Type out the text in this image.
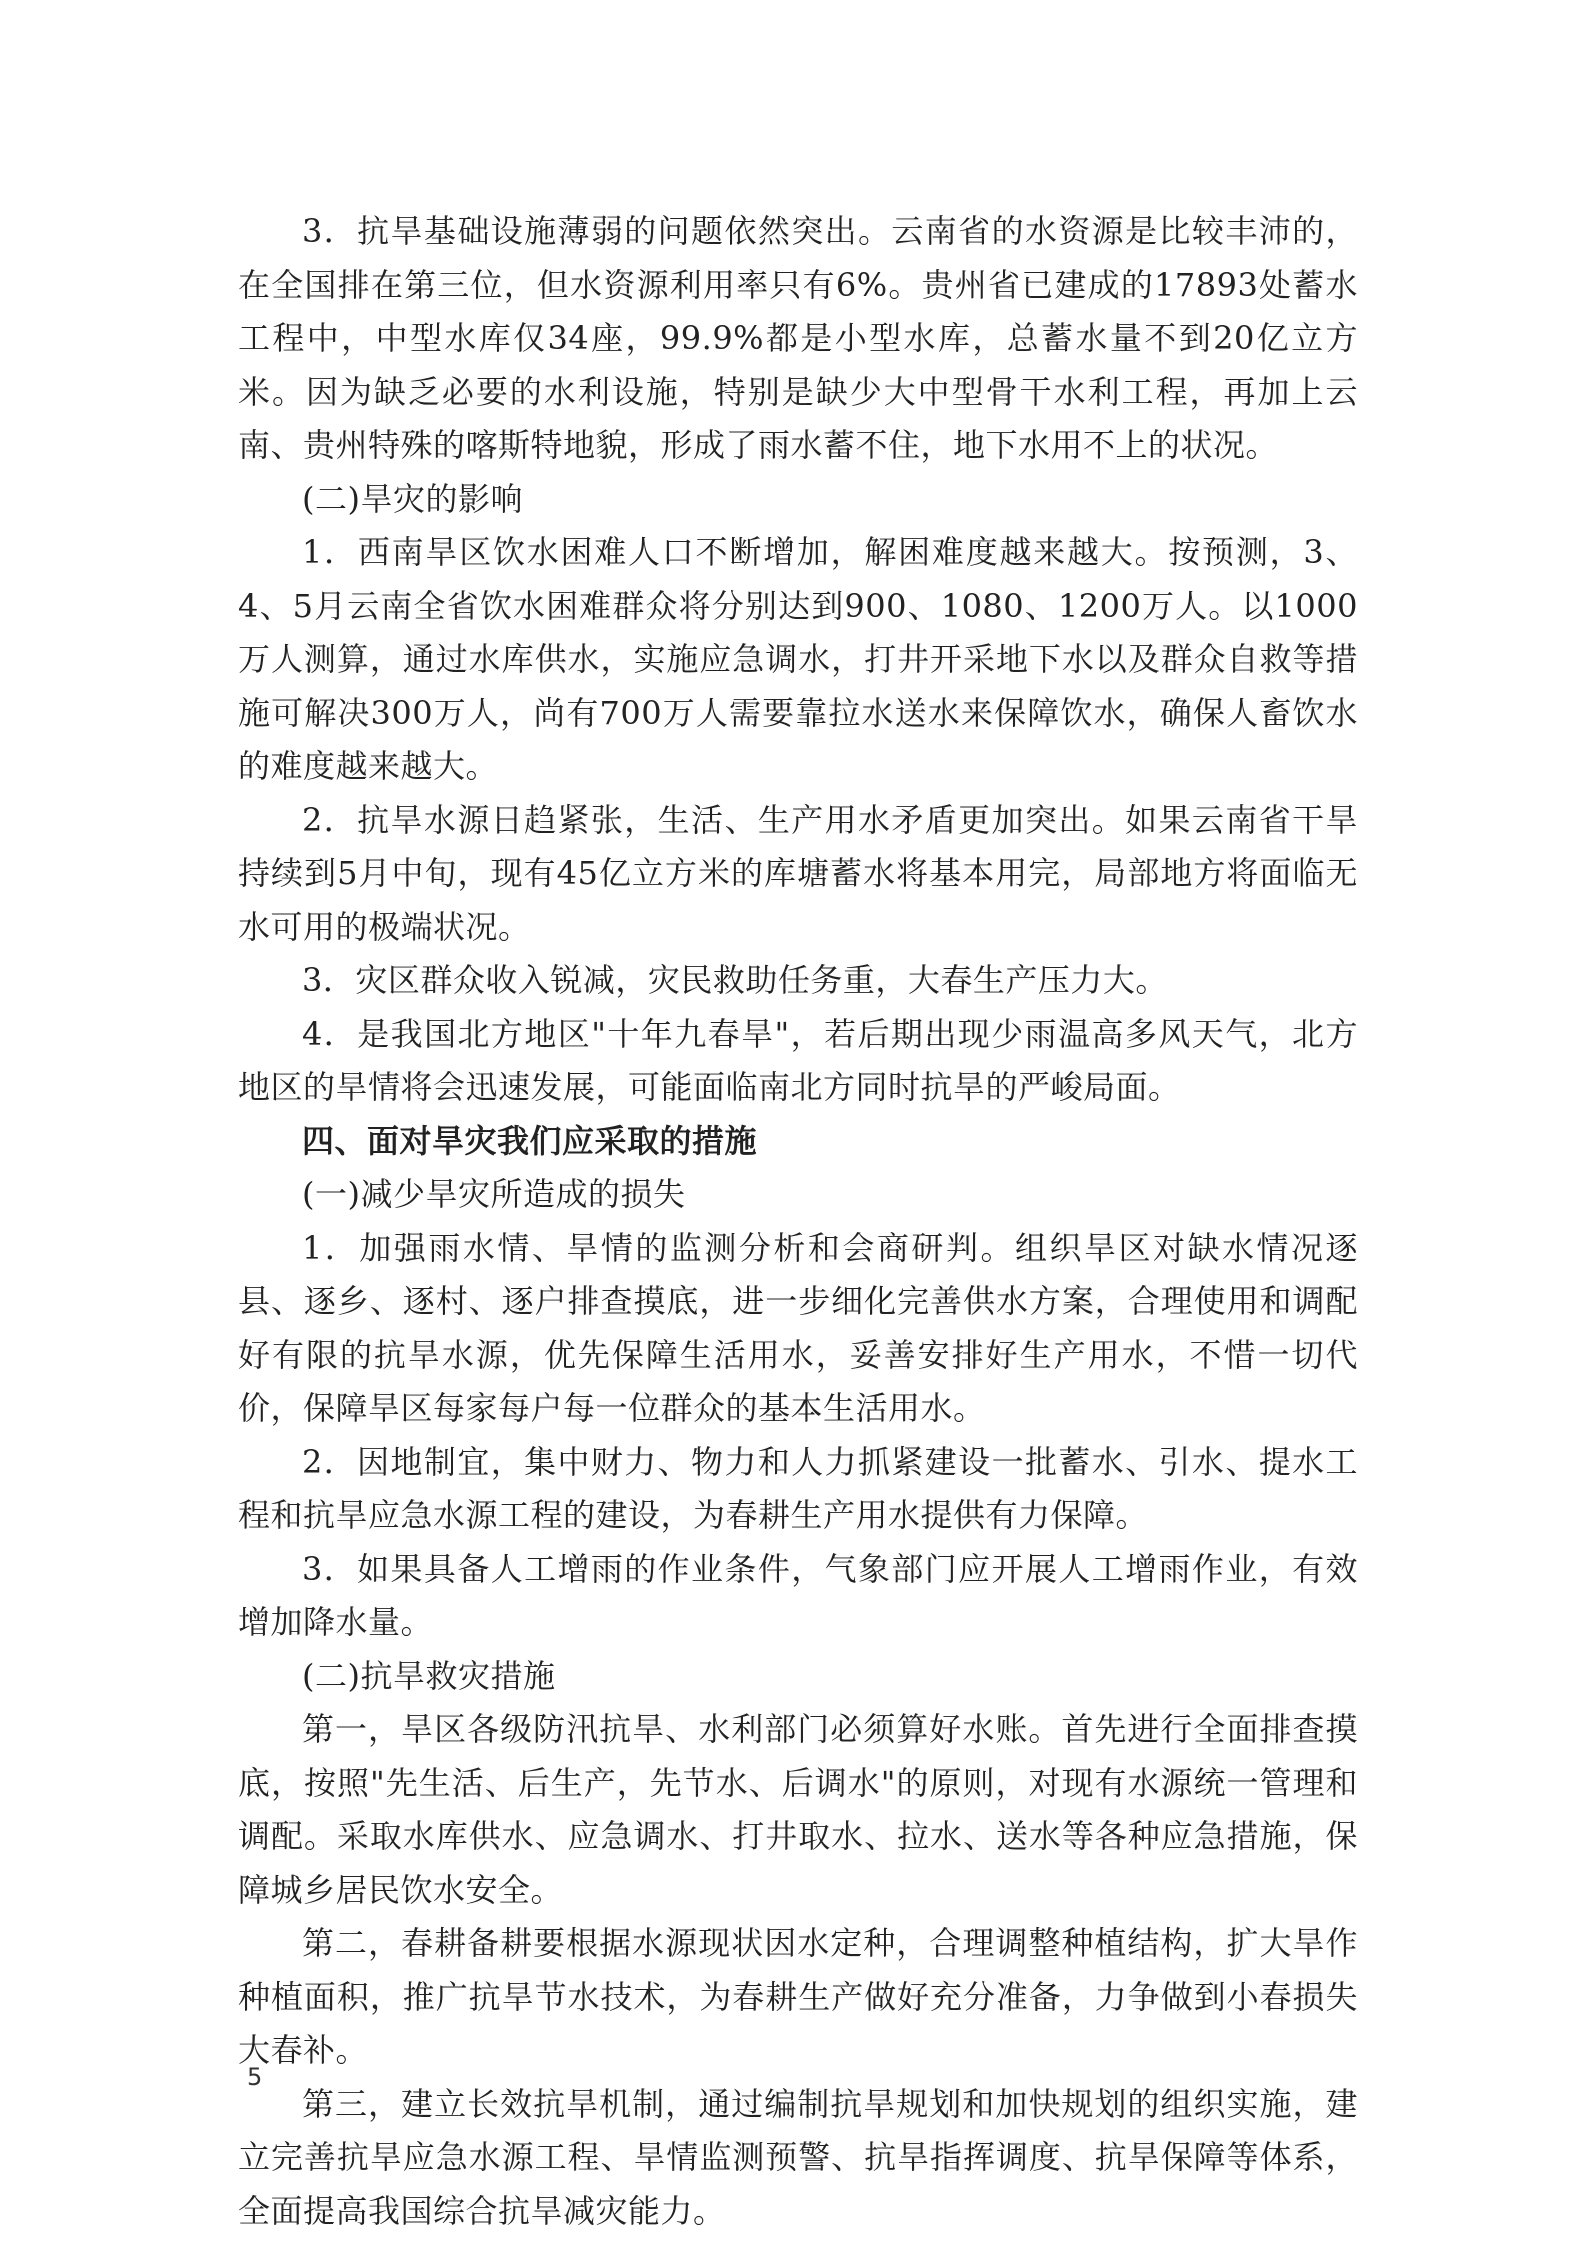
3．抗旱基础设施薄弱的问题依然突出。云南省的水资源是比较丰沛的，在全国排在第三位，但水资源利用率只有6%。贵州省已建成的17893处蓄水工程中，中型水库仅34座，99.9%都是小型水库，总蓄水量不到20亿立方米。因为缺乏必要的水利设施，特别是缺少大中型骨干水利工程，再加上云南、贵州特殊的喀斯特地貌，形成了雨水蓄不住，地下水用不上的状况。

(二)旱灾的影响

1．西南旱区饮水困难人口不断增加，解困难度越来越大。按预测，3、4、5月云南全省饮水困难群众将分别达到900、1080、1200万人。以1000万人测算，通过水库供水，实施应急调水，打井开采地下水以及群众自救等措施可解决300万人，尚有700万人需要靠拉水送水来保障饮水，确保人畜饮水的难度越来越大。

2．抗旱水源日趋紧张，生活、生产用水矛盾更加突出。如果云南省干旱持续到5月中旬，现有45亿立方米的库塘蓄水将基本用完，局部地方将面临无水可用的极端状况。

3．灾区群众收入锐减，灾民救助任务重，大春生产压力大。

4．是我国北方地区"十年九春旱"，若后期出现少雨温高多风天气，北方地区的旱情将会迅速发展，可能面临南北方同时抗旱的严峻局面。

四、面对旱灾我们应采取的措施

(一)减少旱灾所造成的损失

1．加强雨水情、旱情的监测分析和会商研判。组织旱区对缺水情况逐县、逐乡、逐村、逐户排查摸底，进一步细化完善供水方案，合理使用和调配好有限的抗旱水源，优先保障生活用水，妥善安排好生产用水，不惜一切代价，保障旱区每家每户每一位群众的基本生活用水。

2．因地制宜，集中财力、物力和人力抓紧建设一批蓄水、引水、提水工程和抗旱应急水源工程的建设，为春耕生产用水提供有力保障。

3．如果具备人工增雨的作业条件，气象部门应开展人工增雨作业，有效增加降水量。

(二)抗旱救灾措施

第一，旱区各级防汛抗旱、水利部门必须算好水账。首先进行全面排查摸底，按照"先生活、后生产，先节水、后调水"的原则，对现有水源统一管理和调配。采取水库供水、应急调水、打井取水、拉水、送水等各种应急措施，保障城乡居民饮水安全。

第二，春耕备耕要根据水源现状因水定种，合理调整种植结构，扩大旱作种植面积，推广抗旱节水技术，为春耕生产做好充分准备，力争做到小春损失大春补。

第三，建立长效抗旱机制，通过编制抗旱规划和加快规划的组织实施，建立完善抗旱应急水源工程、旱情监测预警、抗旱指挥调度、抗旱保障等体系，全面提高我国综合抗旱减灾能力。

5
